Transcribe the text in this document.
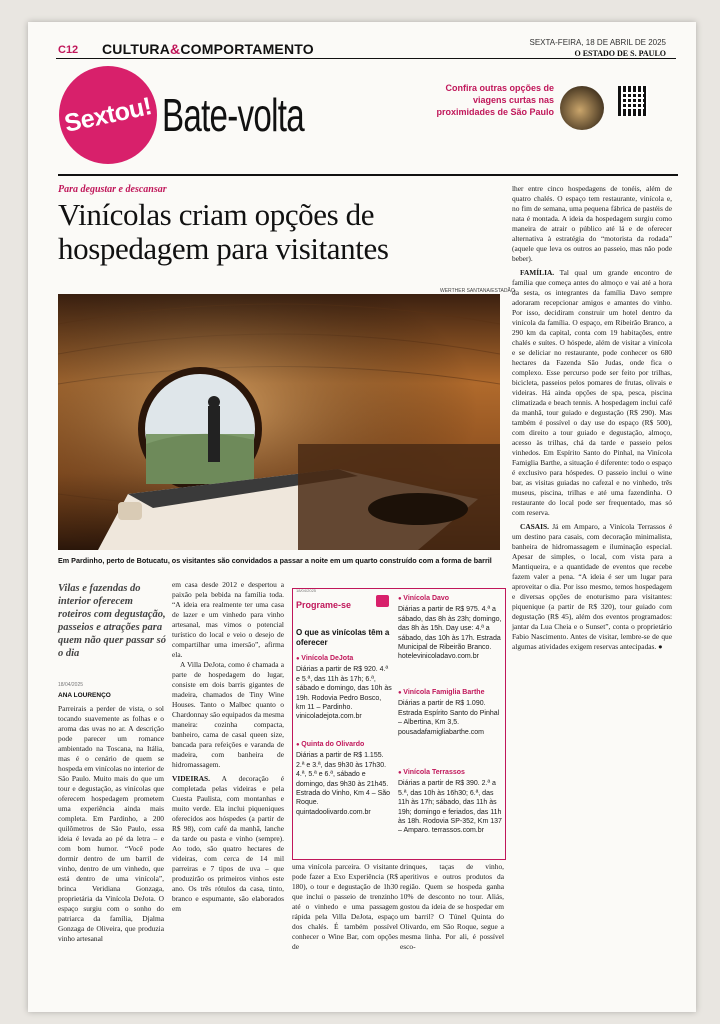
C12 CULTURA&COMPORTAMENTO	SEXTA-FEIRA, 18 DE ABRIL DE 2025
O ESTADO DE S. PAULO
Sextou! Bate-volta
Confira outras opções de viagens curtas nas proximidades de São Paulo
Para degustar e descansar
Vinícolas criam opções de hospedagem para visitantes
WERTHER SANTANA/ESTADÃO
Em Pardinho, perto de Botucatu, os visitantes são convidados a passar a noite em um quarto construído com a forma de barril

lher entre cinco hospedagens de tonéis, além de quatro chalés. O espaço tem restaurante, vinícola e, no fim de semana, uma pequena fábrica de pastéis de nata é montada. A ideia da hospedagem surgiu como maneira de atrair o público até lá e de oferecer alternativa à estratégia do “motorista da rodada” (aquele que leva os outros ao passeio, mas não pode beber).

FAMÍLIA. Tal qual um grande encontro de família que começa antes do almoço e vai até a hora da sesta, os integrantes da família Davo sempre adoraram recepcionar amigos e amantes do vinho. Por isso, decidiram construir um hotel dentro da vinícola da família. O espaço, em Ribeirão Branco, a 290 km da capital, conta com 19 habitações, entre chalés e suítes. O hóspede, além de visitar a vinícola e se deliciar no restaurante, pode conhecer os 680 hectares da Fazenda São Judas, onde fica o complexo. Esse percurso pode ser feito por trilhas, bicicleta, passeios pelos pomares de frutas, olivais e videiras. Há ainda opções de spa, pesca, piscina climatizada e beach tennis. A hospedagem inclui café da manhã, tour guiado e degustação (R$ 290). Mas também é possível o day use do espaço (R$ 500), com direito a tour guiado e degustação, almoço, acesso às trilhas, chá da tarde e passeio pelos vinhedos. Em Espírito Santo do Pinhal, na Vinícola Famiglia Barthe, a situação é diferente: todo o espaço é exclusivo para hóspedes. O passeio inclui o wine bar, as visitas guiadas no cafezal e no vinhedo, três museus, piscina, trilhas e até uma fazendinha. O restaurante do local pode ser frequentado, mas só com reserva.

CASAIS. Já em Amparo, a Vinícola Terrassos é um destino para casais, com decoração minimalista, banheira de hidromassagem e iluminação especial. Apesar de simples, o local, com vista para a Mantiqueira, e a quantidade de eventos que recebe fazem valer a pena. “A ideia é ser um lugar para aproveitar o dia. Por isso mesmo, temos hospedagem e diversas opções de enoturismo para visitantes: piquenique (a partir de R$ 320), tour guiado com degustação (R$ 45), além dos eventos programados: jantar da Lua Cheia e o Sunset”, conta o proprietário Fabio Nascimento. Antes de visitar, lembre-se de que algumas atividades exigem reservas antecipadas. ●

Vilas e fazendas do interior oferecem roteiros com degustação, passeios e atrações para quem não quer passar só o dia
18/04/2025
ANA LOURENÇO

Parreirais a perder de vista, o sol tocando suavemente as folhas e o aroma das uvas no ar. A descrição pode parecer um romance ambientado na Toscana, na Itália, mas é o cenário de quem se hospeda em vinícolas no interior de São Paulo. Muito mais do que um tour e degustação, as vinícolas que oferecem hospedagem prometem uma experiência ainda mais completa. Em Pardinho, a 200 quilômetros de São Paulo, essa ideia é levada ao pé da letra – e com bom humor. “Você pode dormir dentro de um barril de vinho, dentro de um vinhedo, que está dentro de uma vinícola”, brinca Veridiana Gonzaga, proprietária da Vinícola DeJota. O espaço surgiu com o sonho do patriarca da família, Djalma Gonzaga de Oliveira, que produzia vinho artesanal

em casa desde 2012 e despertou a paixão pela bebida na família toda. “A ideia era realmente ter uma casa de lazer e um vinhedo para vinho artesanal, mas vimos o potencial turístico do local e veio o desejo de compartilhar uma imersão”, afirma ela.

A Villa DeJota, como é chamada a parte de hospedagem do lugar, consiste em dois barris gigantes de madeira, chamados de Tiny Wine Houses. Tanto o Malbec quanto o Chardonnay são equipados da mesma maneira: cozinha compacta, banheiro, cama de casal queen size, bancada para refeições e varanda de madeira, com banheira de hidromassagem.

VIDEIRAS. A decoração é completada pelas videiras e pela Cuesta Paulista, com montanhas e muito verde. Ela inclui piqueniques oferecidos aos hóspedes (a partir de R$ 98), com café da manhã, lanche da tarde ou pasta e vinho (sempre). Ao todo, são quatro hectares de videiras, com cerca de 14 mil parreiras e 7 tipos de uva – que produzirão os primeiros vinhos este ano. Os três rótulos da casa, tinto, branco e espumante, são elaborados em

uma vinícola parceira. O visitante pode fazer a Exo Experiência (R$ 180), o tour e degustação de 1h30 que inclui o passeio de trenzinho até o vinhedo e uma passagem rápida pela Villa DeJota, espaço dos chalés. É também possível conhecer o Wine Bar, com opções de

drinques, taças de vinho, aperitivos e outros produtos da região. Quem se hospeda ganha 10% de desconto no tour. Aliás, gostou da ideia de se hospedar em um barril? O Túnel Quinta do Olivardo, em São Roque, segue a mesma linha. Por ali, é possível esco-

18/04/2025
Programe-se
O que as vinícolas têm a oferecer
● Vinícola DeJota
Diárias a partir de R$ 920. 4.ª e 5.ª, das 11h às 17h; 6.ª, sábado e domingo, das 10h às 19h. Rodovia Pedro Bosco, km 11 – Pardinho. vinicoladejota.com.br
● Quinta do Olivardo
Diárias a partir de R$ 1.155. 2.ª e 3.ª, das 9h30 às 17h30. 4.ª, 5.ª e 6.ª, sábado e domingo, das 9h30 às 21h45. Estrada do Vinho, Km 4 – São Roque. quintadoolivardo.com.br
● Vinícola Davo
Diárias a partir de R$ 975. 4.ª a sábado, das 8h às 23h; domingo, das 8h às 15h. Day use: 4.ª a sábado, das 10h às 17h. Estrada Municipal de Ribeirão Branco. hotelevinicoladavo.com.br
● Vinícola Famiglia Barthe
Diárias a partir de R$ 1.090. Estrada Espírito Santo do Pinhal – Albertina, Km 3,5. pousadafamigliabarthe.com
● Vinícola Terrassos
Diárias a partir de R$ 390. 2.ª a 5.ª, das 10h às 16h30; 6.ª, das 11h às 17h; sábado, das 11h às 19h; domingo e feriados, das 11h às 18h. Rodovia SP-352, Km 137 – Amparo. terrassos.com.br
